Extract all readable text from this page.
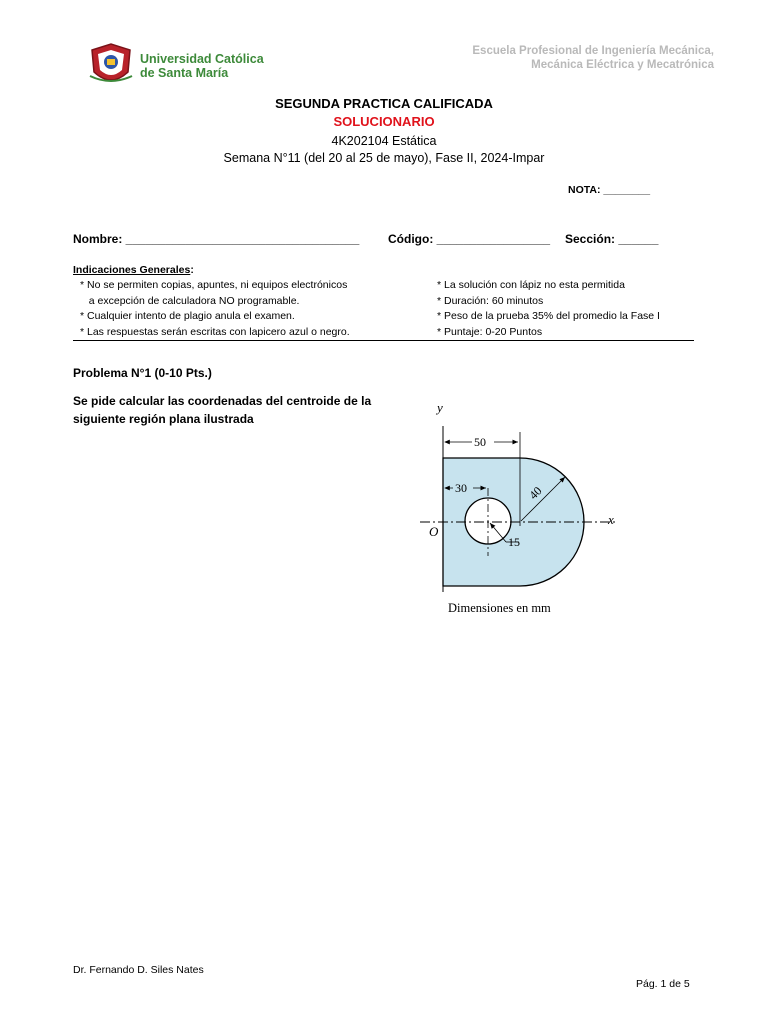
Universidad Católica
de Santa María
Escuela Profesional de Ingeniería Mecánica,
Mecánica Eléctrica y Mecatrónica
SEGUNDA PRACTICA CALIFICADA
SOLUCIONARIO
4K202104 Estática
Semana N°11 (del 20 al 25 de mayo), Fase II, 2024-Impar
NOTA: ________
Nombre: ___________________________________ Código: _________________ Sección: ______
Indicaciones Generales:
* No se permiten copias, apuntes, ni equipos electrónicos
a excepción de calculadora NO programable.
* Cualquier intento de plagio anula el examen.
* Las respuestas serán escritas con lapicero azul o negro.
* La solución con lápiz no esta permitida
* Duración: 60 minutos
* Peso de la prueba 35% del promedio la Fase I
* Puntaje: 0-20 Puntos
Problema N°1 (0-10 Pts.)
Se pide calcular las coordenadas del centroide de la siguiente región plana ilustrada
y
x
O
50
30	40
15
Dimensiones en mm
Dr. Fernando D. Siles Nates
Pág. 1 de 5
